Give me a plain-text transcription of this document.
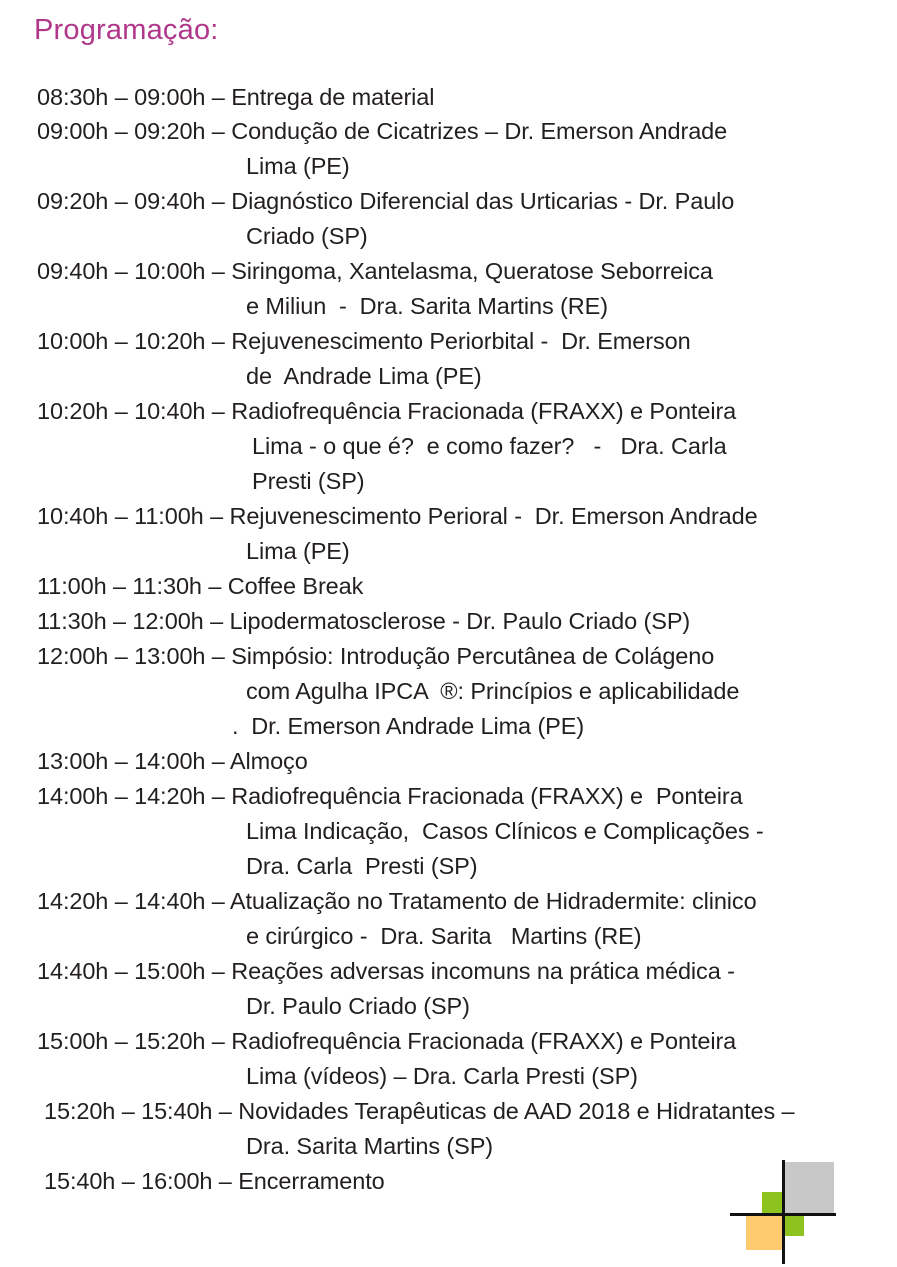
Programação:
08:30h – 09:00h – Entrega de material
09:00h – 09:20h – Condução de Cicatrizes – Dr. Emerson Andrade
Lima (PE)
09:20h – 09:40h – Diagnóstico Diferencial das Urticarias - Dr. Paulo
Criado (SP)
09:40h – 10:00h – Siringoma, Xantelasma, Queratose Seborreica
e Miliun  -  Dra. Sarita Martins (RE)
10:00h – 10:20h – Rejuvenescimento Periorbital -  Dr. Emerson
de  Andrade Lima (PE)
10:20h – 10:40h – Radiofrequência Fracionada (FRAXX) e Ponteira
Lima - o que é?  e como fazer?   -   Dra. Carla
Presti (SP)
10:40h – 11:00h – Rejuvenescimento Perioral -  Dr. Emerson Andrade
Lima (PE)
11:00h – 11:30h – Coffee Break
11:30h – 12:00h – Lipodermatosclerose - Dr. Paulo Criado (SP)
12:00h – 13:00h – Simpósio: Introdução Percutânea de Colágeno
com Agulha IPCA  ®: Princípios e aplicabilidade
.  Dr. Emerson Andrade Lima (PE)
13:00h – 14:00h – Almoço
14:00h – 14:20h – Radiofrequência Fracionada (FRAXX) e  Ponteira
Lima Indicação,  Casos Clínicos e Complicações -
Dra. Carla  Presti (SP)
14:20h – 14:40h – Atualização no Tratamento de Hidradermite: clinico
e cirúrgico -  Dra. Sarita   Martins (RE)
14:40h – 15:00h – Reações adversas incomuns na prática médica -
Dr. Paulo Criado (SP)
15:00h – 15:20h – Radiofrequência Fracionada (FRAXX) e Ponteira
Lima (vídeos) – Dra. Carla Presti (SP)
15:20h – 15:40h – Novidades Terapêuticas de AAD 2018 e Hidratantes –
Dra. Sarita Martins (SP)
15:40h – 16:00h – Encerramento
